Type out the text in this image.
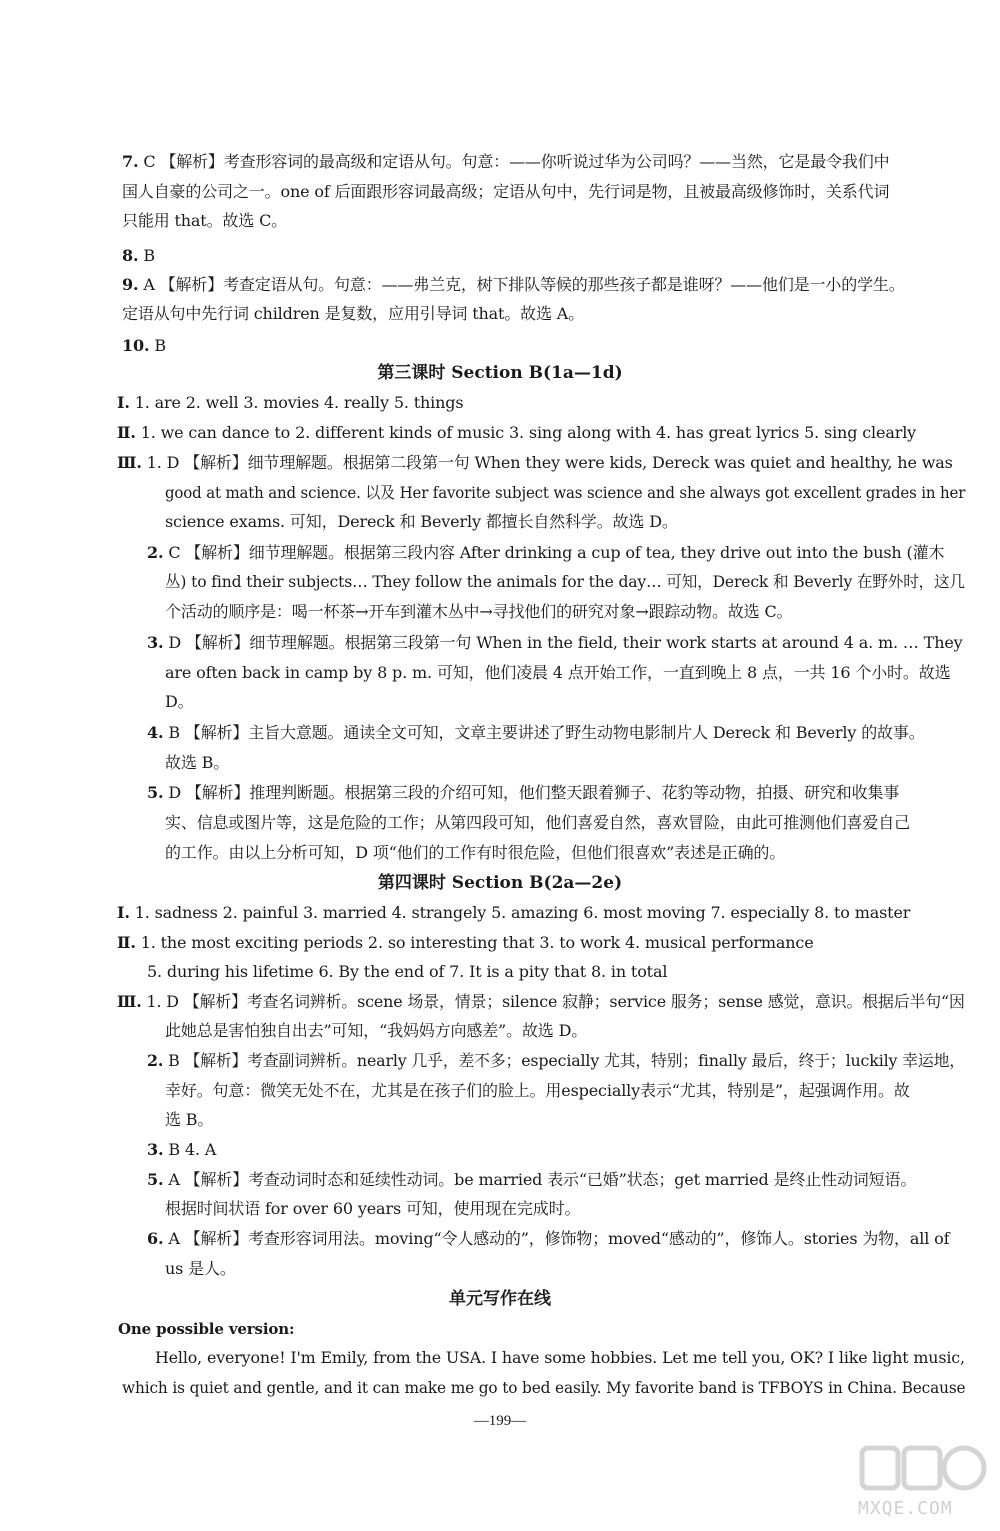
7. C 【解析】考查形容词的最高级和定语从句。句意：——你听说过华为公司吗？——当然，它是最令我们中
国人自豪的公司之一。one of 后面跟形容词最高级；定语从句中，先行词是物，且被最高级修饰时，关系代词
只能用 that。故选 C。
8. B
9. A 【解析】考查定语从句。句意：——弗兰克，树下排队等候的那些孩子都是谁呀？——他们是一小的学生。
定语从句中先行词 children 是复数，应用引导词 that。故选 A。
10. B
Ⅰ. 1. are 2. well 3. movies 4. really 5. things
Ⅱ. 1. we can dance to 2. different kinds of music 3. sing along with 4. has great lyrics 5. sing clearly
Ⅲ. 1. D 【解析】细节理解题。根据第二段第一句 When they were kids, Dereck was quiet and healthy, he was
good at math and science. 以及 Her favorite subject was science and she always got excellent grades in her
science exams. 可知，Dereck 和 Beverly 都擅长自然科学。故选 D。
2. C 【解析】细节理解题。根据第三段内容 After drinking a cup of tea, they drive out into the bush (灌木
丛) to find their subjects… They follow the animals for the day… 可知，Dereck 和 Beverly 在野外时，这几
个活动的顺序是：喝一杯茶→开车到灌木丛中→寻找他们的研究对象→跟踪动物。故选 C。
3. D 【解析】细节理解题。根据第三段第一句 When in the field, their work starts at around 4 a. m. … They
are often back in camp by 8 p. m. 可知，他们凌晨 4 点开始工作，一直到晚上 8 点，一共 16 个小时。故选
D。
4. B 【解析】主旨大意题。通读全文可知，文章主要讲述了野生动物电影制片人 Dereck 和 Beverly 的故事。
故选 B。
5. D 【解析】推理判断题。根据第三段的介绍可知，他们整天跟着狮子、花豹等动物，拍摄、研究和收集事
实、信息或图片等，这是危险的工作；从第四段可知，他们喜爱自然，喜欢冒险，由此可推测他们喜爱自己
的工作。由以上分析可知，D 项“他们的工作有时很危险，但他们很喜欢”表述是正确的。
Ⅰ. 1. sadness 2. painful 3. married 4. strangely 5. amazing 6. most moving 7. especially 8. to master
Ⅱ. 1. the most exciting periods 2. so interesting that 3. to work 4. musical performance
5. during his lifetime 6. By the end of 7. It is a pity that 8. in total
Ⅲ. 1. D 【解析】考查名词辨析。scene 场景，情景；silence 寂静；service 服务；sense 感觉，意识。根据后半句“因
此她总是害怕独自出去”可知，“我妈妈方向感差”。故选 D。
2. B 【解析】考查副词辨析。nearly 几乎，差不多；especially 尤其，特别；finally 最后，终于；luckily 幸运地，
幸好。句意：微笑无处不在，尤其是在孩子们的脸上。用especially表示“尤其，特别是”，起强调作用。故
选 B。
3. B 4. A
5. A 【解析】考查动词时态和延续性动词。be married 表示“已婚”状态；get married 是终止性动词短语。
根据时间状语 for over 60 years 可知，使用现在完成时。
6. A 【解析】考查形容词用法。moving“令人感动的”，修饰物；moved“感动的”，修饰人。stories 为物，all of
us 是人。
Hello, everyone! I'm Emily, from the USA. I have some hobbies. Let me tell you, OK? I like light music,
which is quiet and gentle, and it can make me go to bed easily. My favorite band is TFBOYS in China. Because
第三课时 Section B(1a—1d)
第四课时 Section B(2a—2e)
单元写作在线
One possible version:
—199—
MXQE.COM
